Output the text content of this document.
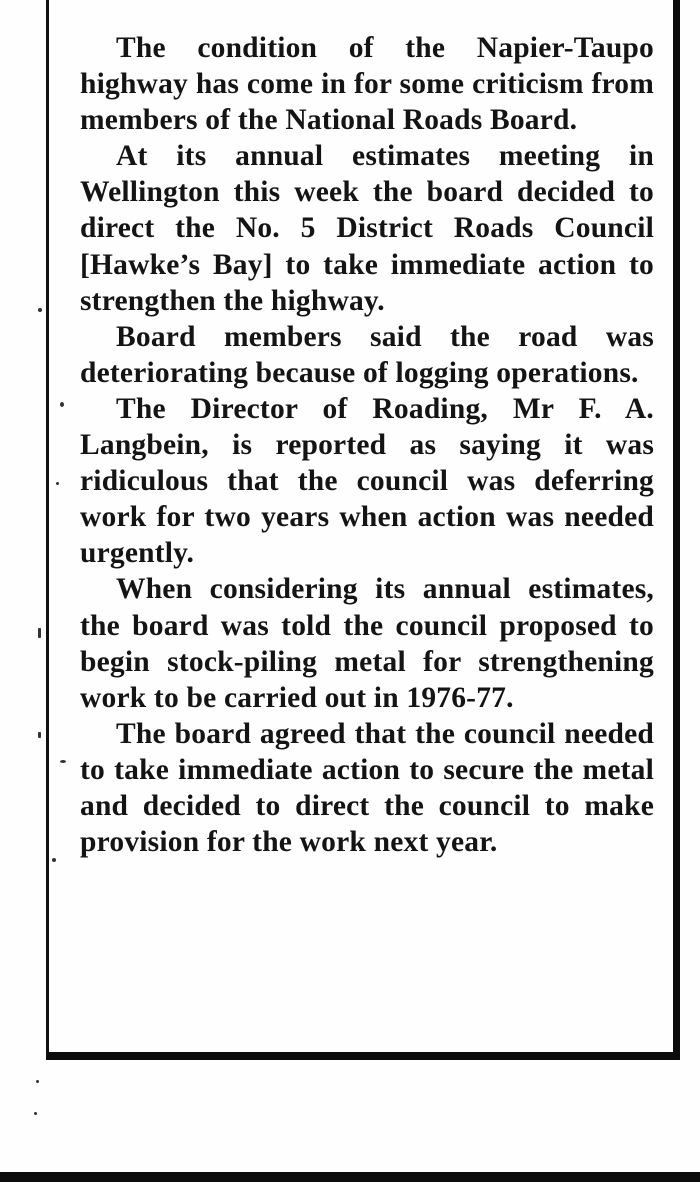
The condition of the Napier-Taupo highway has come in for some criticism from members of the National Roads Board.

At its annual estimates meeting in Wellington this week the board decided to direct the No. 5 District Roads Council [Hawke’s Bay] to take immediate action to strengthen the highway.

Board members said the road was deteriorating because of logging operations.

The Director of Roading, Mr F. A. Langbein, is reported as saying it was ridiculous that the council was deferring work for two years when action was needed urgently.

When considering its annual estimates, the board was told the council proposed to begin stock-piling metal for strengthening work to be carried out in 1976-77.

The board agreed that the council needed to take immediate action to secure the metal and decided to direct the council to make provision for the work next year.
